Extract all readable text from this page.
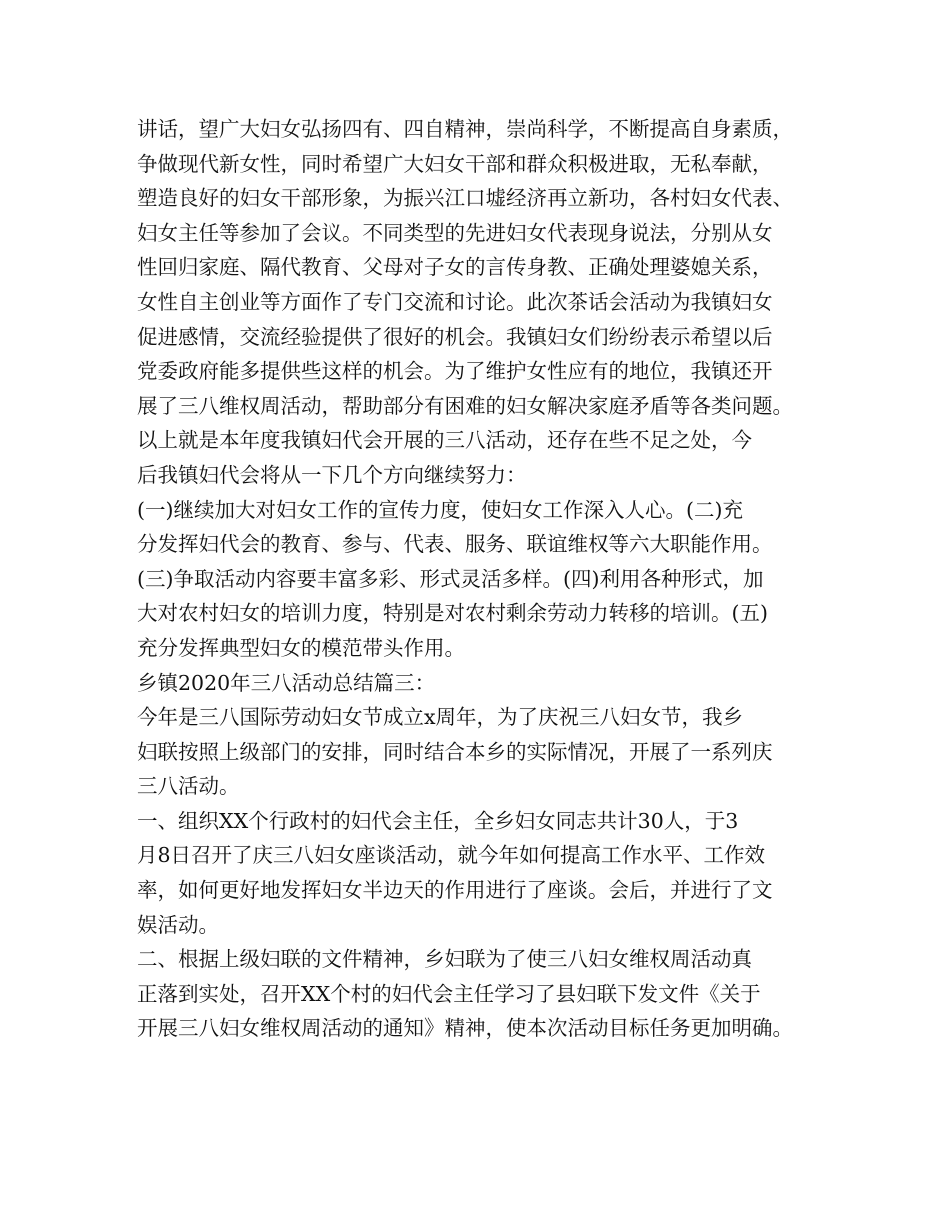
讲话，望广大妇女弘扬四有、四自精神，崇尚科学，不断提高自身素质，
争做现代新女性，同时希望广大妇女干部和群众积极进取，无私奉献，
塑造良好的妇女干部形象，为振兴江口墟经济再立新功，各村妇女代表、
妇女主任等参加了会议。不同类型的先进妇女代表现身说法，分别从女
性回归家庭、隔代教育、父母对子女的言传身教、正确处理婆媳关系，
女性自主创业等方面作了专门交流和讨论。此次茶话会活动为我镇妇女
促进感情，交流经验提供了很好的机会。我镇妇女们纷纷表示希望以后
党委政府能多提供些这样的机会。为了维护女性应有的地位，我镇还开
展了三八维权周活动，帮助部分有困难的妇女解决家庭矛盾等各类问题。
以上就是本年度我镇妇代会开展的三八活动，还存在些不足之处，今
后我镇妇代会将从一下几个方向继续努力：
(一)继续加大对妇女工作的宣传力度，使妇女工作深入人心。(二)充
分发挥妇代会的教育、参与、代表、服务、联谊维权等六大职能作用。
(三)争取活动内容要丰富多彩、形式灵活多样。(四)利用各种形式，加
大对农村妇女的培训力度，特别是对农村剩余劳动力转移的培训。(五)
充分发挥典型妇女的模范带头作用。
乡镇2020年三八活动总结篇三：
今年是三八国际劳动妇女节成立x周年，为了庆祝三八妇女节，我乡
妇联按照上级部门的安排，同时结合本乡的实际情况，开展了一系列庆
三八活动。
一、组织XX个行政村的妇代会主任，全乡妇女同志共计30人，于3
月8日召开了庆三八妇女座谈活动，就今年如何提高工作水平、工作效
率，如何更好地发挥妇女半边天的作用进行了座谈。会后，并进行了文
娱活动。
二、根据上级妇联的文件精神，乡妇联为了使三八妇女维权周活动真
正落到实处，召开XX个村的妇代会主任学习了县妇联下发文件《关于
开展三八妇女维权周活动的通知》精神，使本次活动目标任务更加明确。
